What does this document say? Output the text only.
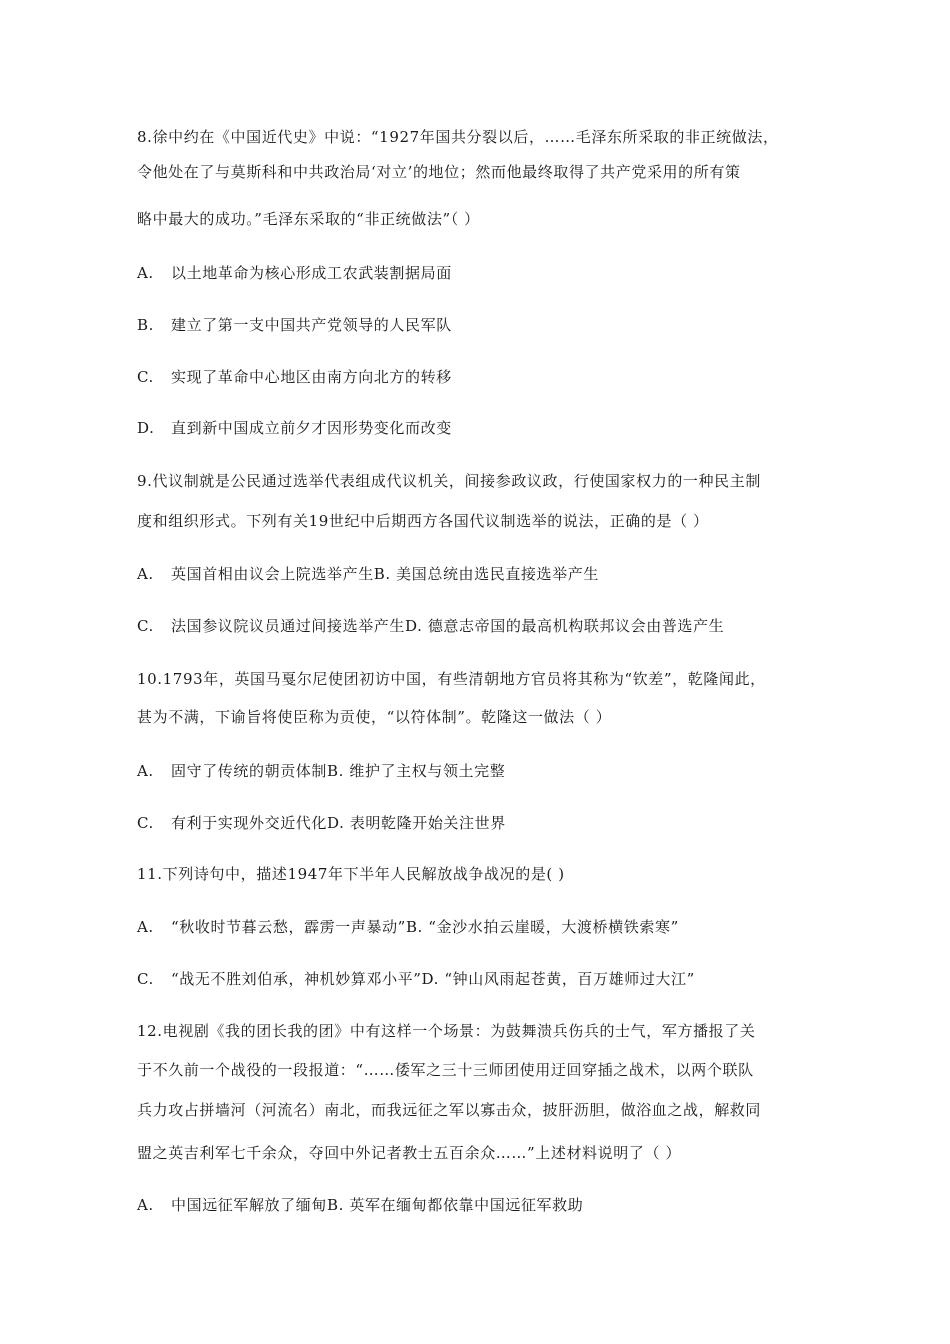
8.徐中约在《中国近代史》中说：“1927年国共分裂以后，……毛泽东所采取的非正统做法，
令他处在了与莫斯科和中共政治局‘对立’的地位；然而他最终取得了共产党采用的所有策
略中最大的成功。”毛泽东采取的“非正统做法”（ ）
A. 以土地革命为核心形成工农武装割据局面
B. 建立了第一支中国共产党领导的人民军队
C. 实现了革命中心地区由南方向北方的转移
D. 直到新中国成立前夕才因形势变化而改变
9.代议制就是公民通过选举代表组成代议机关，间接参政议政，行使国家权力的一种民主制
度和组织形式。下列有关19世纪中后期西方各国代议制选举的说法，正确的是（ ）
A. 英国首相由议会上院选举产生B. 美国总统由选民直接选举产生
C. 法国参议院议员通过间接选举产生D. 德意志帝国的最高机构联邦议会由普选产生
10.1793年，英国马戛尔尼使团初访中国，有些清朝地方官员将其称为“钦差”，乾隆闻此，
甚为不满，下谕旨将使臣称为贡使，“以符体制”。乾隆这一做法（ ）
A. 固守了传统的朝贡体制B. 维护了主权与领土完整
C. 有利于实现外交近代化D. 表明乾隆开始关注世界
11.下列诗句中，描述1947年下半年人民解放战争战况的是( )
A. “秋收时节暮云愁，霹雳一声暴动”B. “金沙水拍云崖暖，大渡桥横铁索寒”
C. “战无不胜刘伯承，神机妙算邓小平”D. “钟山风雨起苍黄，百万雄师过大江”
12.电视剧《我的团长我的团》中有这样一个场景：为鼓舞溃兵伤兵的士气，军方播报了关
于不久前一个战役的一段报道：“……倭军之三十三师团使用迂回穿插之战术，以两个联队
兵力攻占拼墙河（河流名）南北，而我远征之军以寡击众，披肝沥胆，做浴血之战，解救同
盟之英吉利军七千余众，夺回中外记者教士五百余众……”上述材料说明了（ ）
A. 中国远征军解放了缅甸B. 英军在缅甸都依靠中国远征军救助
